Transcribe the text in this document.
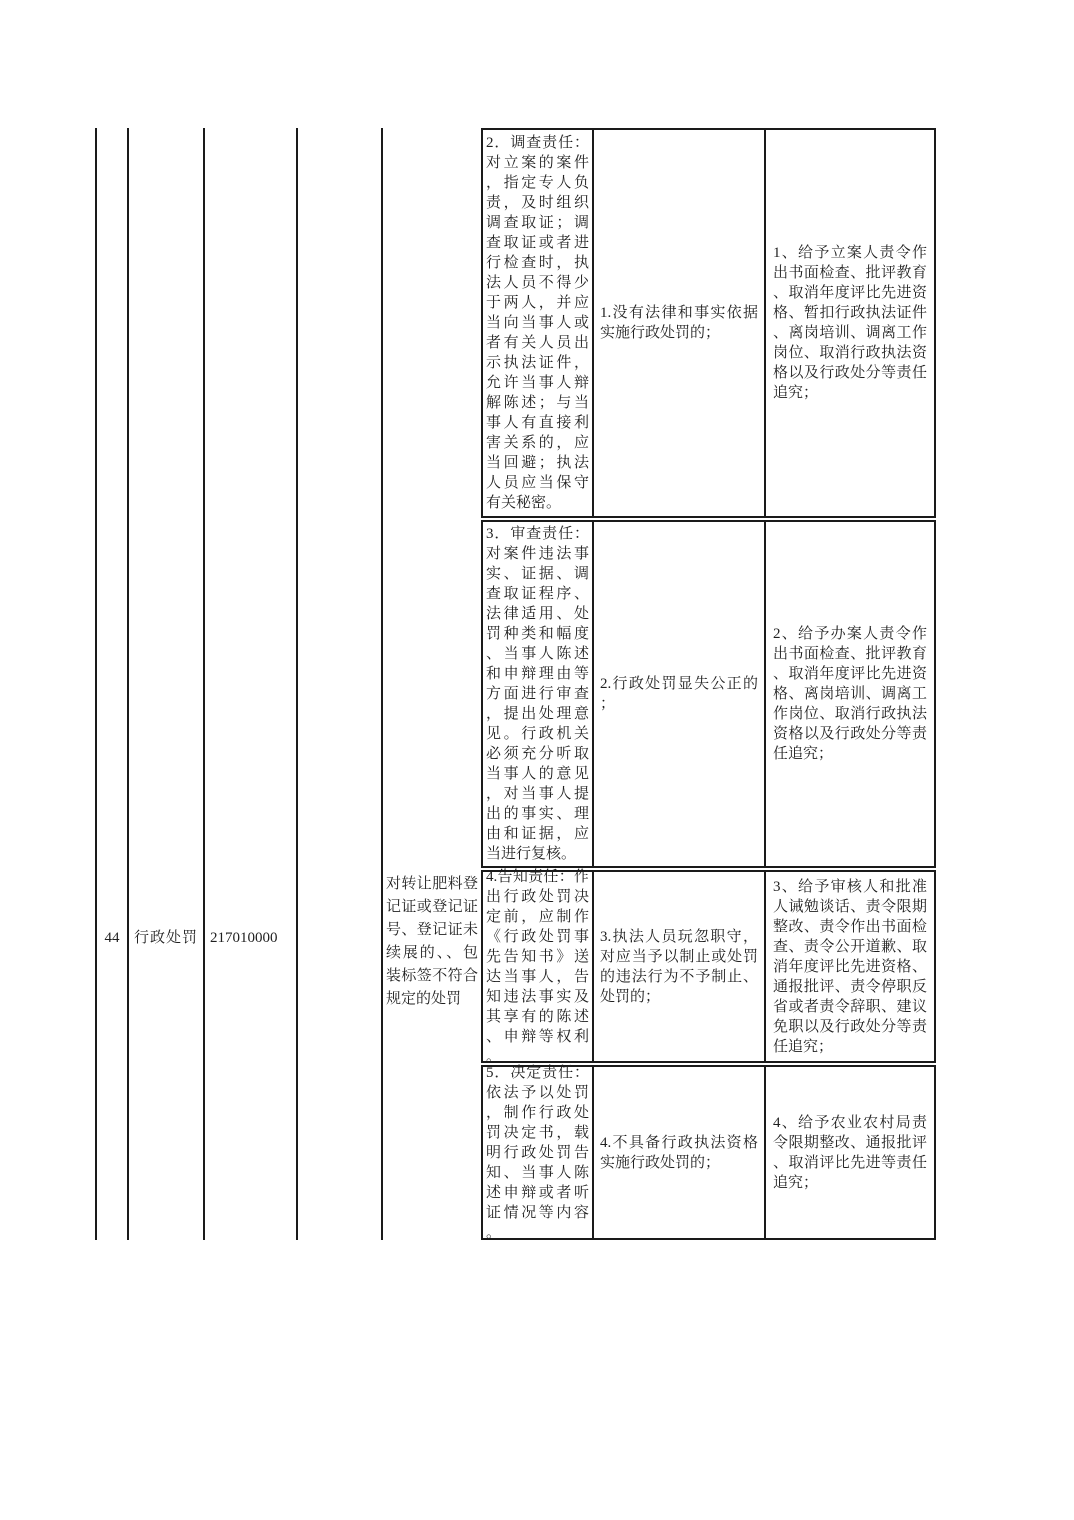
44 行政处罚 217010000
对转让肥料登记证或登记证号、登记证未续展的、、包装标签不符合规定的处罚
2．调查责任：对立案的案件，指定专人负责，及时组织调查取证；调查取证或者进行检查时，执法人员不得少于两人，并应当向当事人或者有关人员出示执法证件，允许当事人辩解陈述；与当事人有直接利害关系的，应当回避；执法人员应当保守有关秘密。
1.没有法律和事实依据实施行政处罚的；
1、给予立案人责令作出书面检查、批评教育、取消年度评比先进资格、暂扣行政执法证件、离岗培训、调离工作岗位、取消行政执法资格以及行政处分等责任追究；
3．审查责任：对案件违法事实、证据、调查取证程序、法律适用、处罚种类和幅度、当事人陈述和申辩理由等方面进行审查，提出处理意见。行政机关必须充分听取当事人的意见，对当事人提出的事实、理由和证据，应当进行复核。
2.行政处罚显失公正的；
2、给予办案人责令作出书面检查、批评教育、取消年度评比先进资格、离岗培训、调离工作岗位、取消行政执法资格以及行政处分等责任追究；
4.告知责任：作出行政处罚决定前，应制作《行政处罚事先告知书》送达当事人，告知违法事实及其享有的陈述、申辩等权利。
3.执法人员玩忽职守，对应当予以制止或处罚的违法行为不予制止、处罚的；
3、给予审核人和批准人诫勉谈话、责令限期整改、责令作出书面检查、责令公开道歉、取消年度评比先进资格、通报批评、责令停职反省或者责令辞职、建议免职以及行政处分等责任追究；
5．决定责任：依法予以处罚，制作行政处罚决定书，载明行政处罚告知、当事人陈述申辩或者听证情况等内容。
4.不具备行政执法资格实施行政处罚的；
4、给予农业农村局责令限期整改、通报批评、取消评比先进等责任追究；
